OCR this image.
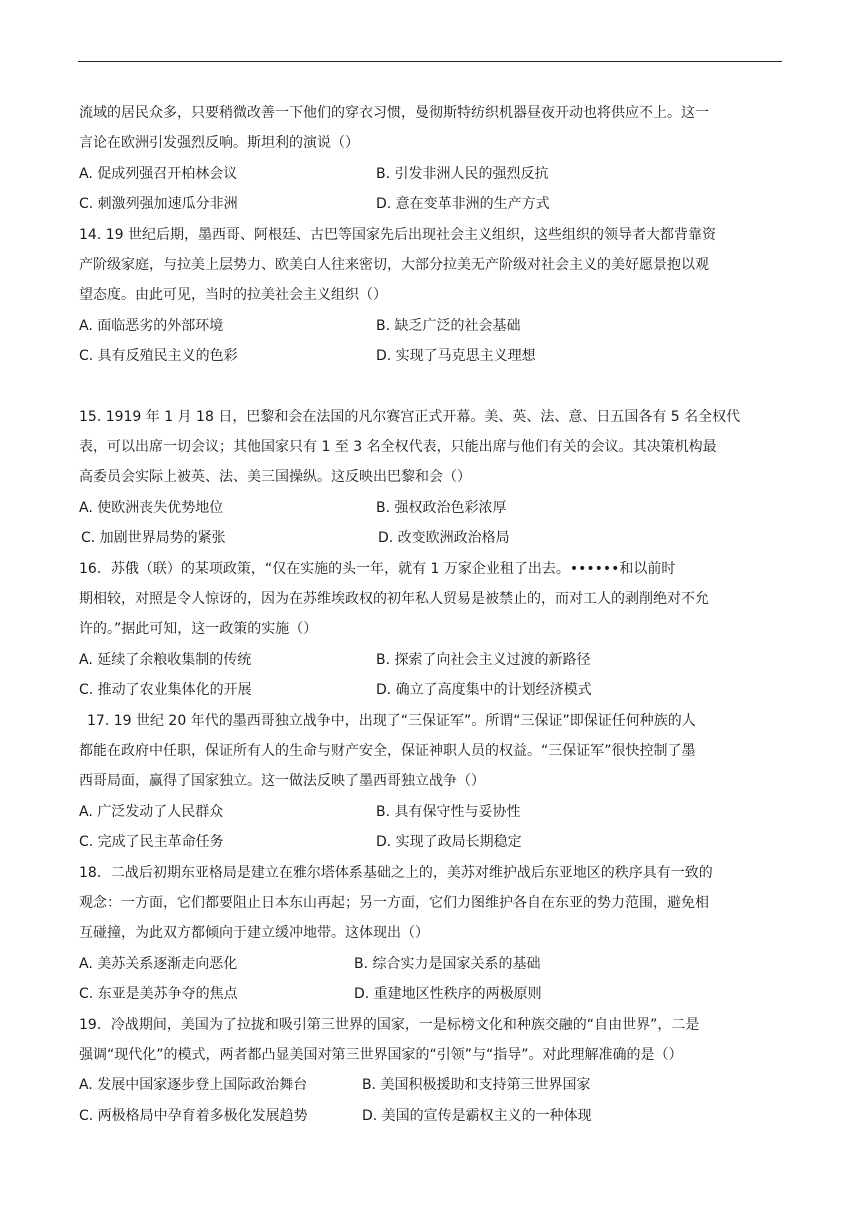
流域的居民众多，只要稍微改善一下他们的穿衣习惯，曼彻斯特纺织机器昼夜开动也将供应不上。这一

言论在欧洲引发强烈反响。斯坦利的演说（）

A. 促成列强召开柏林会议	B. 引发非洲人民的强烈反抗
C. 刺激列强加速瓜分非洲	D. 意在变革非洲的生产方式

14. 19 世纪后期，墨西哥、阿根廷、古巴等国家先后出现社会主义组织，这些组织的领导者大都背靠资

产阶级家庭，与拉美上层势力、欧美白人往来密切，大部分拉美无产阶级对社会主义的美好愿景抱以观

望态度。由此可见，当时的拉美社会主义组织（）

A. 面临恶劣的外部环境	B. 缺乏广泛的社会基础
C. 具有反殖民主义的色彩	D. 实现了马克思主义理想

15. 1919 年 1 月 18 日，巴黎和会在法国的凡尔赛宫正式开幕。美、英、法、意、日五国各有 5 名全权代

表，可以出席一切会议；其他国家只有 1 至 3 名全权代表，只能出席与他们有关的会议。其决策机构最

高委员会实际上被英、法、美三国操纵。这反映出巴黎和会（）

A. 使欧洲丧失优势地位	B. 强权政治色彩浓厚
C. 加剧世界局势的紧张	D. 改变欧洲政治格局

16．苏俄（联）的某项政策，“仅在实施的头一年，就有 1 万家企业租了出去。••••••和以前时

期相较，对照是令人惊讶的，因为在苏维埃政权的初年私人贸易是被禁止的，而对工人的剥削绝对不允

许的。”据此可知，这一政策的实施（）

A. 延续了余粮收集制的传统	B. 探索了向社会主义过渡的新路径
C. 推动了农业集体化的开展	D. 确立了高度集中的计划经济模式

17. 19 世纪 20 年代的墨西哥独立战争中，出现了“三保证军”。所谓“三保证”即保证任何种族的人

都能在政府中任职，保证所有人的生命与财产安全，保证神职人员的权益。“三保证军”很快控制了墨

西哥局面，赢得了国家独立。这一做法反映了墨西哥独立战争（）

A. 广泛发动了人民群众	B. 具有保守性与妥协性
C. 完成了民主革命任务	D. 实现了政局长期稳定

18．二战后初期东亚格局是建立在雅尔塔体系基础之上的，美苏对维护战后东亚地区的秩序具有一致的

观念：一方面，它们都要阻止日本东山再起；另一方面，它们力图维护各自在东亚的势力范围，避免相

互碰撞，为此双方都倾向于建立缓冲地带。这体现出（）

A. 美苏关系逐渐走向恶化	B. 综合实力是国家关系的基础
C. 东亚是美苏争夺的焦点	D. 重建地区性秩序的两极原则

19．冷战期间，美国为了拉拢和吸引第三世界的国家，一是标榜文化和种族交融的“自由世界”，二是

强调“现代化”的模式，两者都凸显美国对第三世界国家的“引领”与“指导”。对此理解准确的是（）

A. 发展中国家逐步登上国际政治舞台	B. 美国积极援助和支持第三世界国家
C. 两极格局中孕育着多极化发展趋势	D. 美国的宣传是霸权主义的一种体现
